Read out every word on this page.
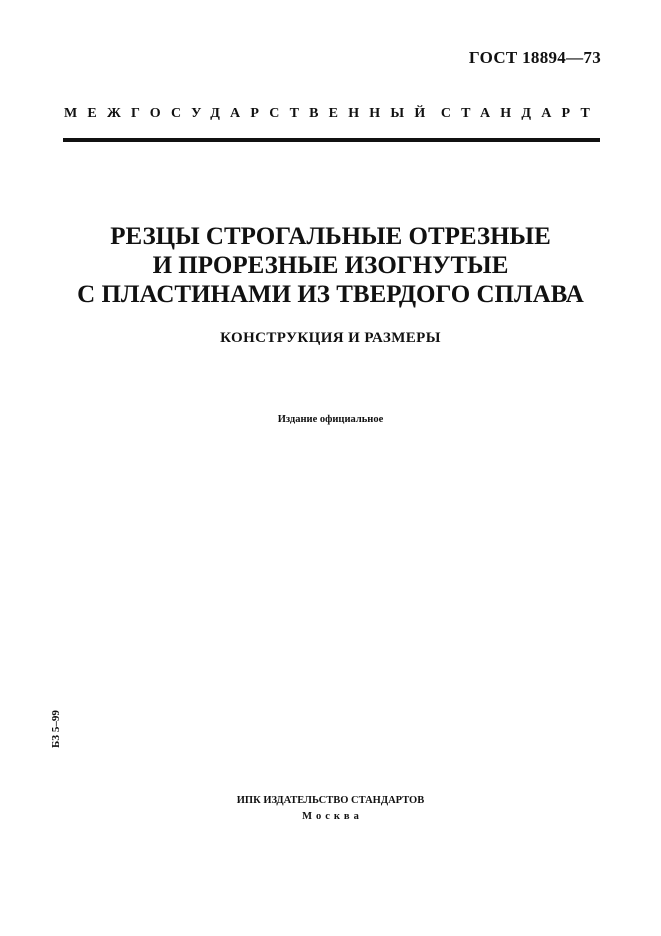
ГОСТ 18894—73
МЕЖГОСУДАРСТВЕННЫЙ СТАНДАРТ
РЕЗЦЫ СТРОГАЛЬНЫЕ ОТРЕЗНЫЕ
И ПРОРЕЗНЫЕ ИЗОГНУТЫЕ
С ПЛАСТИНАМИ ИЗ ТВЕРДОГО СПЛАВА
КОНСТРУКЦИЯ И РАЗМЕРЫ
Издание официальное
БЗ 5–99
ИПК ИЗДАТЕЛЬСТВО СТАНДАРТОВ
Москва
